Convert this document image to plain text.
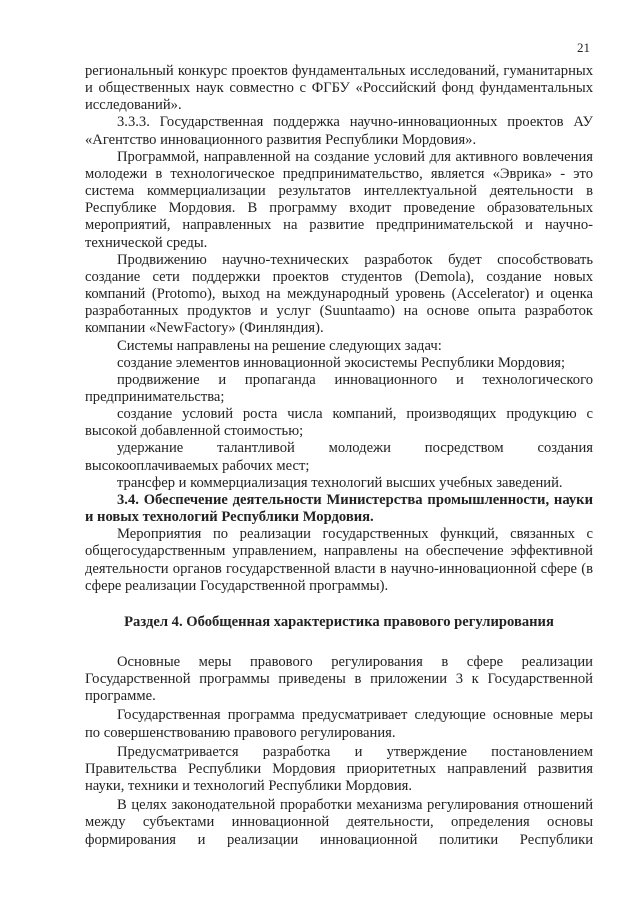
21

региональный конкурс проектов фундаментальных исследований, гуманитарных и общественных наук совместно с ФГБУ «Российский фонд фундаментальных исследований».

3.3.3. Государственная поддержка научно-инновационных проектов АУ «Агентство инновационного развития Республики Мордовия».

Программой, направленной на создание условий для активного вовлечения молодежи в технологическое предпринимательство, является «Эврика» - это система коммерциализации результатов интеллектуальной деятельности в Республике Мордовия. В программу входит проведение образовательных мероприятий, направленных на развитие предпринимательской и научно-технической среды.

Продвижению научно-технических разработок будет способствовать создание сети поддержки проектов студентов (Demola), создание новых компаний (Protomo), выход на международный уровень (Accelerator) и оценка разработанных продуктов и услуг (Suuntaamo) на основе опыта разработок компании «NewFactory» (Финляндия).

Системы направлены на решение следующих задач:

создание элементов инновационной экосистемы Республики Мордовия;

продвижение и пропаганда инновационного и технологического предпринимательства;

создание условий роста числа компаний, производящих продукцию с высокой добавленной стоимостью;

удержание талантливой молодежи посредством создания высокооплачиваемых рабочих мест;

трансфер и коммерциализация технологий высших учебных заведений.

3.4. Обеспечение деятельности Министерства промышленности, науки и новых технологий Республики Мордовия.

Мероприятия по реализации государственных функций, связанных с общегосударственным управлением, направлены на обеспечение эффективной деятельности органов государственной власти в научно-инновационной сфере (в сфере реализации Государственной программы).

Раздел 4. Обобщенная характеристика правового регулирования

Основные меры правового регулирования в сфере реализации Государственной программы приведены в приложении 3 к Государственной программе.

Государственная программа предусматривает следующие основные меры по совершенствованию правового регулирования.

Предусматривается разработка и утверждение постановлением Правительства Республики Мордовия приоритетных направлений развития науки, техники и технологий Республики Мордовия.

В целях законодательной проработки механизма регулирования отношений между субъектами инновационной деятельности, определения основы формирования и реализации инновационной политики Республики
